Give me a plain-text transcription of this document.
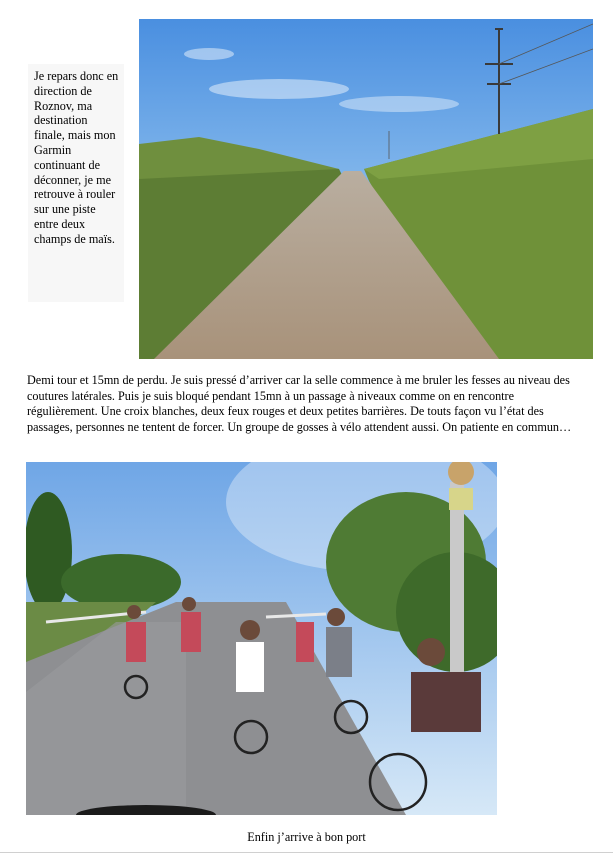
Je repars donc en direction de Roznov, ma destination finale, mais mon Garmin continuant de déconner, je me retrouve à rouler sur une piste entre deux champs de maïs.

Demi tour et 15mn de perdu. Je suis pressé d’arriver car la selle commence à me bruler les fesses au niveau des coutures latérales. Puis je suis bloqué pendant 15mn à un passage à niveaux comme on en rencontre régulièrement. Une croix blanches, deux feux rouges et deux petites barrières. De touts façon vu l’état des passages, personnes ne tentent de forcer. Un groupe de gosses à vélo attendent aussi. On patiente en commun…

Enfin j’arrive à bon port
